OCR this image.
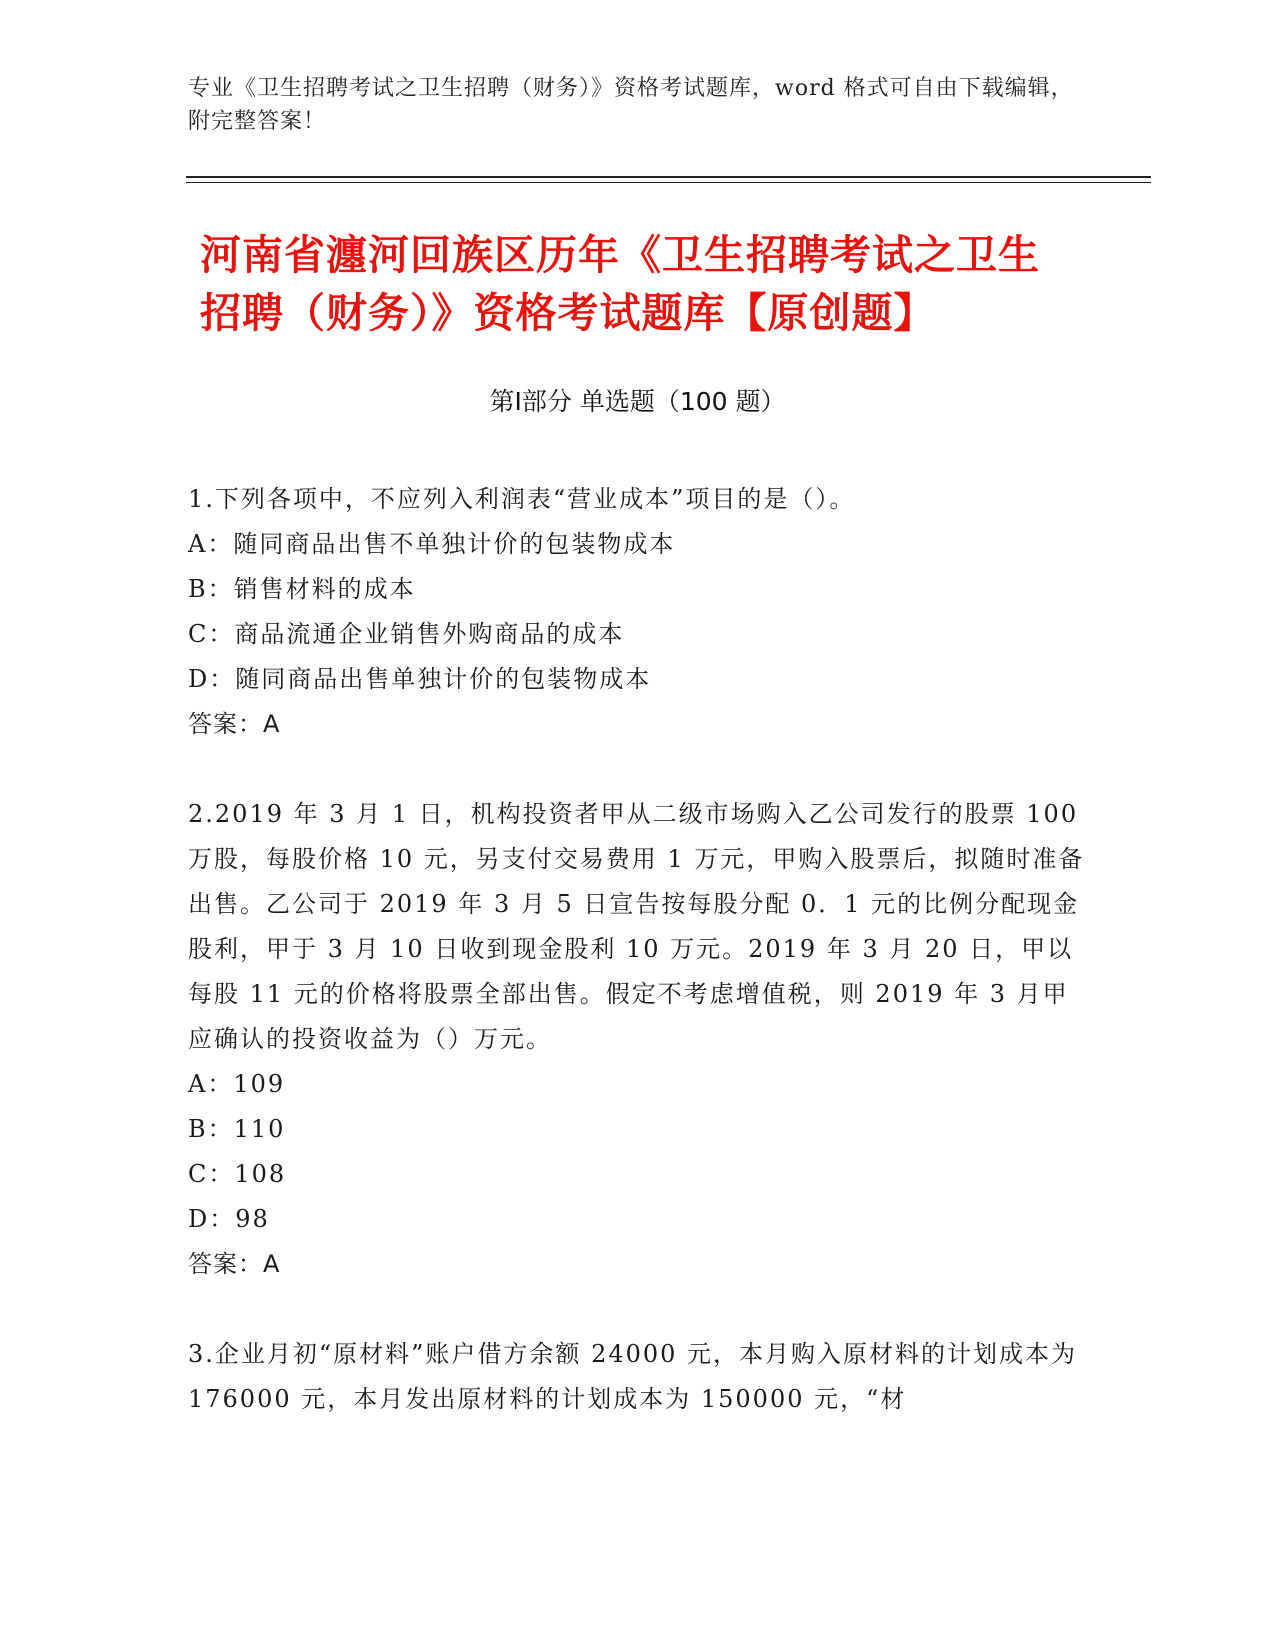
专业《卫生招聘考试之卫生招聘（财务）》资格考试题库，word 格式可自由下载编辑，附完整答案！
河南省瀍河回族区历年《卫生招聘考试之卫生招聘（财务）》资格考试题库【原创题】
第Ⅰ部分 单选题（100 题）

1.下列各项中，不应列入利润表“营业成本”项目的是（）。

A：随同商品出售不单独计价的包装物成本

B：销售材料的成本

C：商品流通企业销售外购商品的成本

D：随同商品出售单独计价的包装物成本

答案：A

2.2019 年 3 月 1 日，机构投资者甲从二级市场购入乙公司发行的股票 100 万股，每股价格 10 元，另支付交易费用 1 万元，甲购入股票后，拟随时准备出售。乙公司于 2019 年 3 月 5 日宣告按每股分配 0．1 元的比例分配现金股利，甲于 3 月 10 日收到现金股利 10 万元。2019 年 3 月 20 日，甲以每股 11 元的价格将股票全部出售。假定不考虑增值税，则 2019 年 3 月甲应确认的投资收益为（）万元。

A：109

B：110

C：108

D：98

答案：A

3.企业月初“原材料”账户借方余额 24000 元，本月购入原材料的计划成本为 176000 元，本月发出原材料的计划成本为 150000 元，“材
